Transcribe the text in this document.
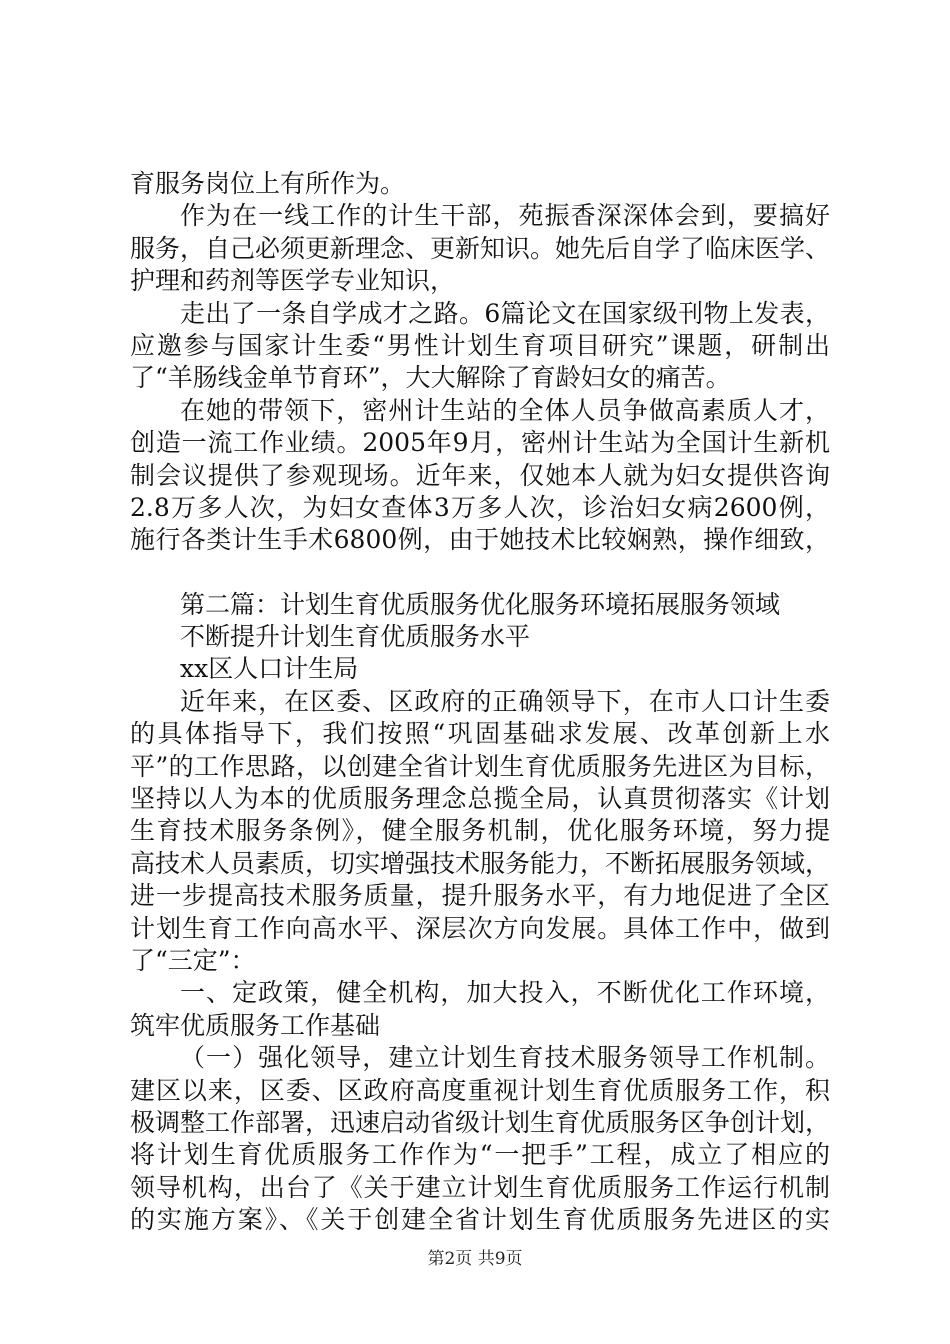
育服务岗位上有所作为。
作为在一线工作的计生干部，苑振香深深体会到，要搞好
服务，自己必须更新理念、更新知识。她先后自学了临床医学、
护理和药剂等医学专业知识，
走出了一条自学成才之路。6篇论文在国家级刊物上发表，
应邀参与国家计生委“男性计划生育项目研究”课题，研制出
了“羊肠线金单节育环”，大大解除了育龄妇女的痛苦。
在她的带领下，密州计生站的全体人员争做高素质人才，
创造一流工作业绩。2005年9月，密州计生站为全国计生新机
制会议提供了参观现场。近年来，仅她本人就为妇女提供咨询
2.8万多人次，为妇女查体3万多人次，诊治妇女病2600例，
施行各类计生手术6800例，由于她技术比较娴熟，操作细致，
第二篇：计划生育优质服务优化服务环境拓展服务领域
不断提升计划生育优质服务水平
xx区人口计生局
近年来，在区委、区政府的正确领导下，在市人口计生委
的具体指导下，我们按照“巩固基础求发展、改革创新上水
平”的工作思路，以创建全省计划生育优质服务先进区为目标，
坚持以人为本的优质服务理念总揽全局，认真贯彻落实《计划
生育技术服务条例》，健全服务机制，优化服务环境，努力提
高技术人员素质，切实增强技术服务能力，不断拓展服务领域，
进一步提高技术服务质量，提升服务水平，有力地促进了全区
计划生育工作向高水平、深层次方向发展。具体工作中，做到
了“三定”：
一、定政策，健全机构，加大投入，不断优化工作环境，
筑牢优质服务工作基础
（一）强化领导，建立计划生育技术服务领导工作机制。
建区以来，区委、区政府高度重视计划生育优质服务工作，积
极调整工作部署，迅速启动省级计划生育优质服务区争创计划，
将计划生育优质服务工作作为“一把手”工程，成立了相应的
领导机构，出台了《关于建立计划生育优质服务工作运行机制
的实施方案》、《关于创建全省计划生育优质服务先进区的实
第2页 共9页
